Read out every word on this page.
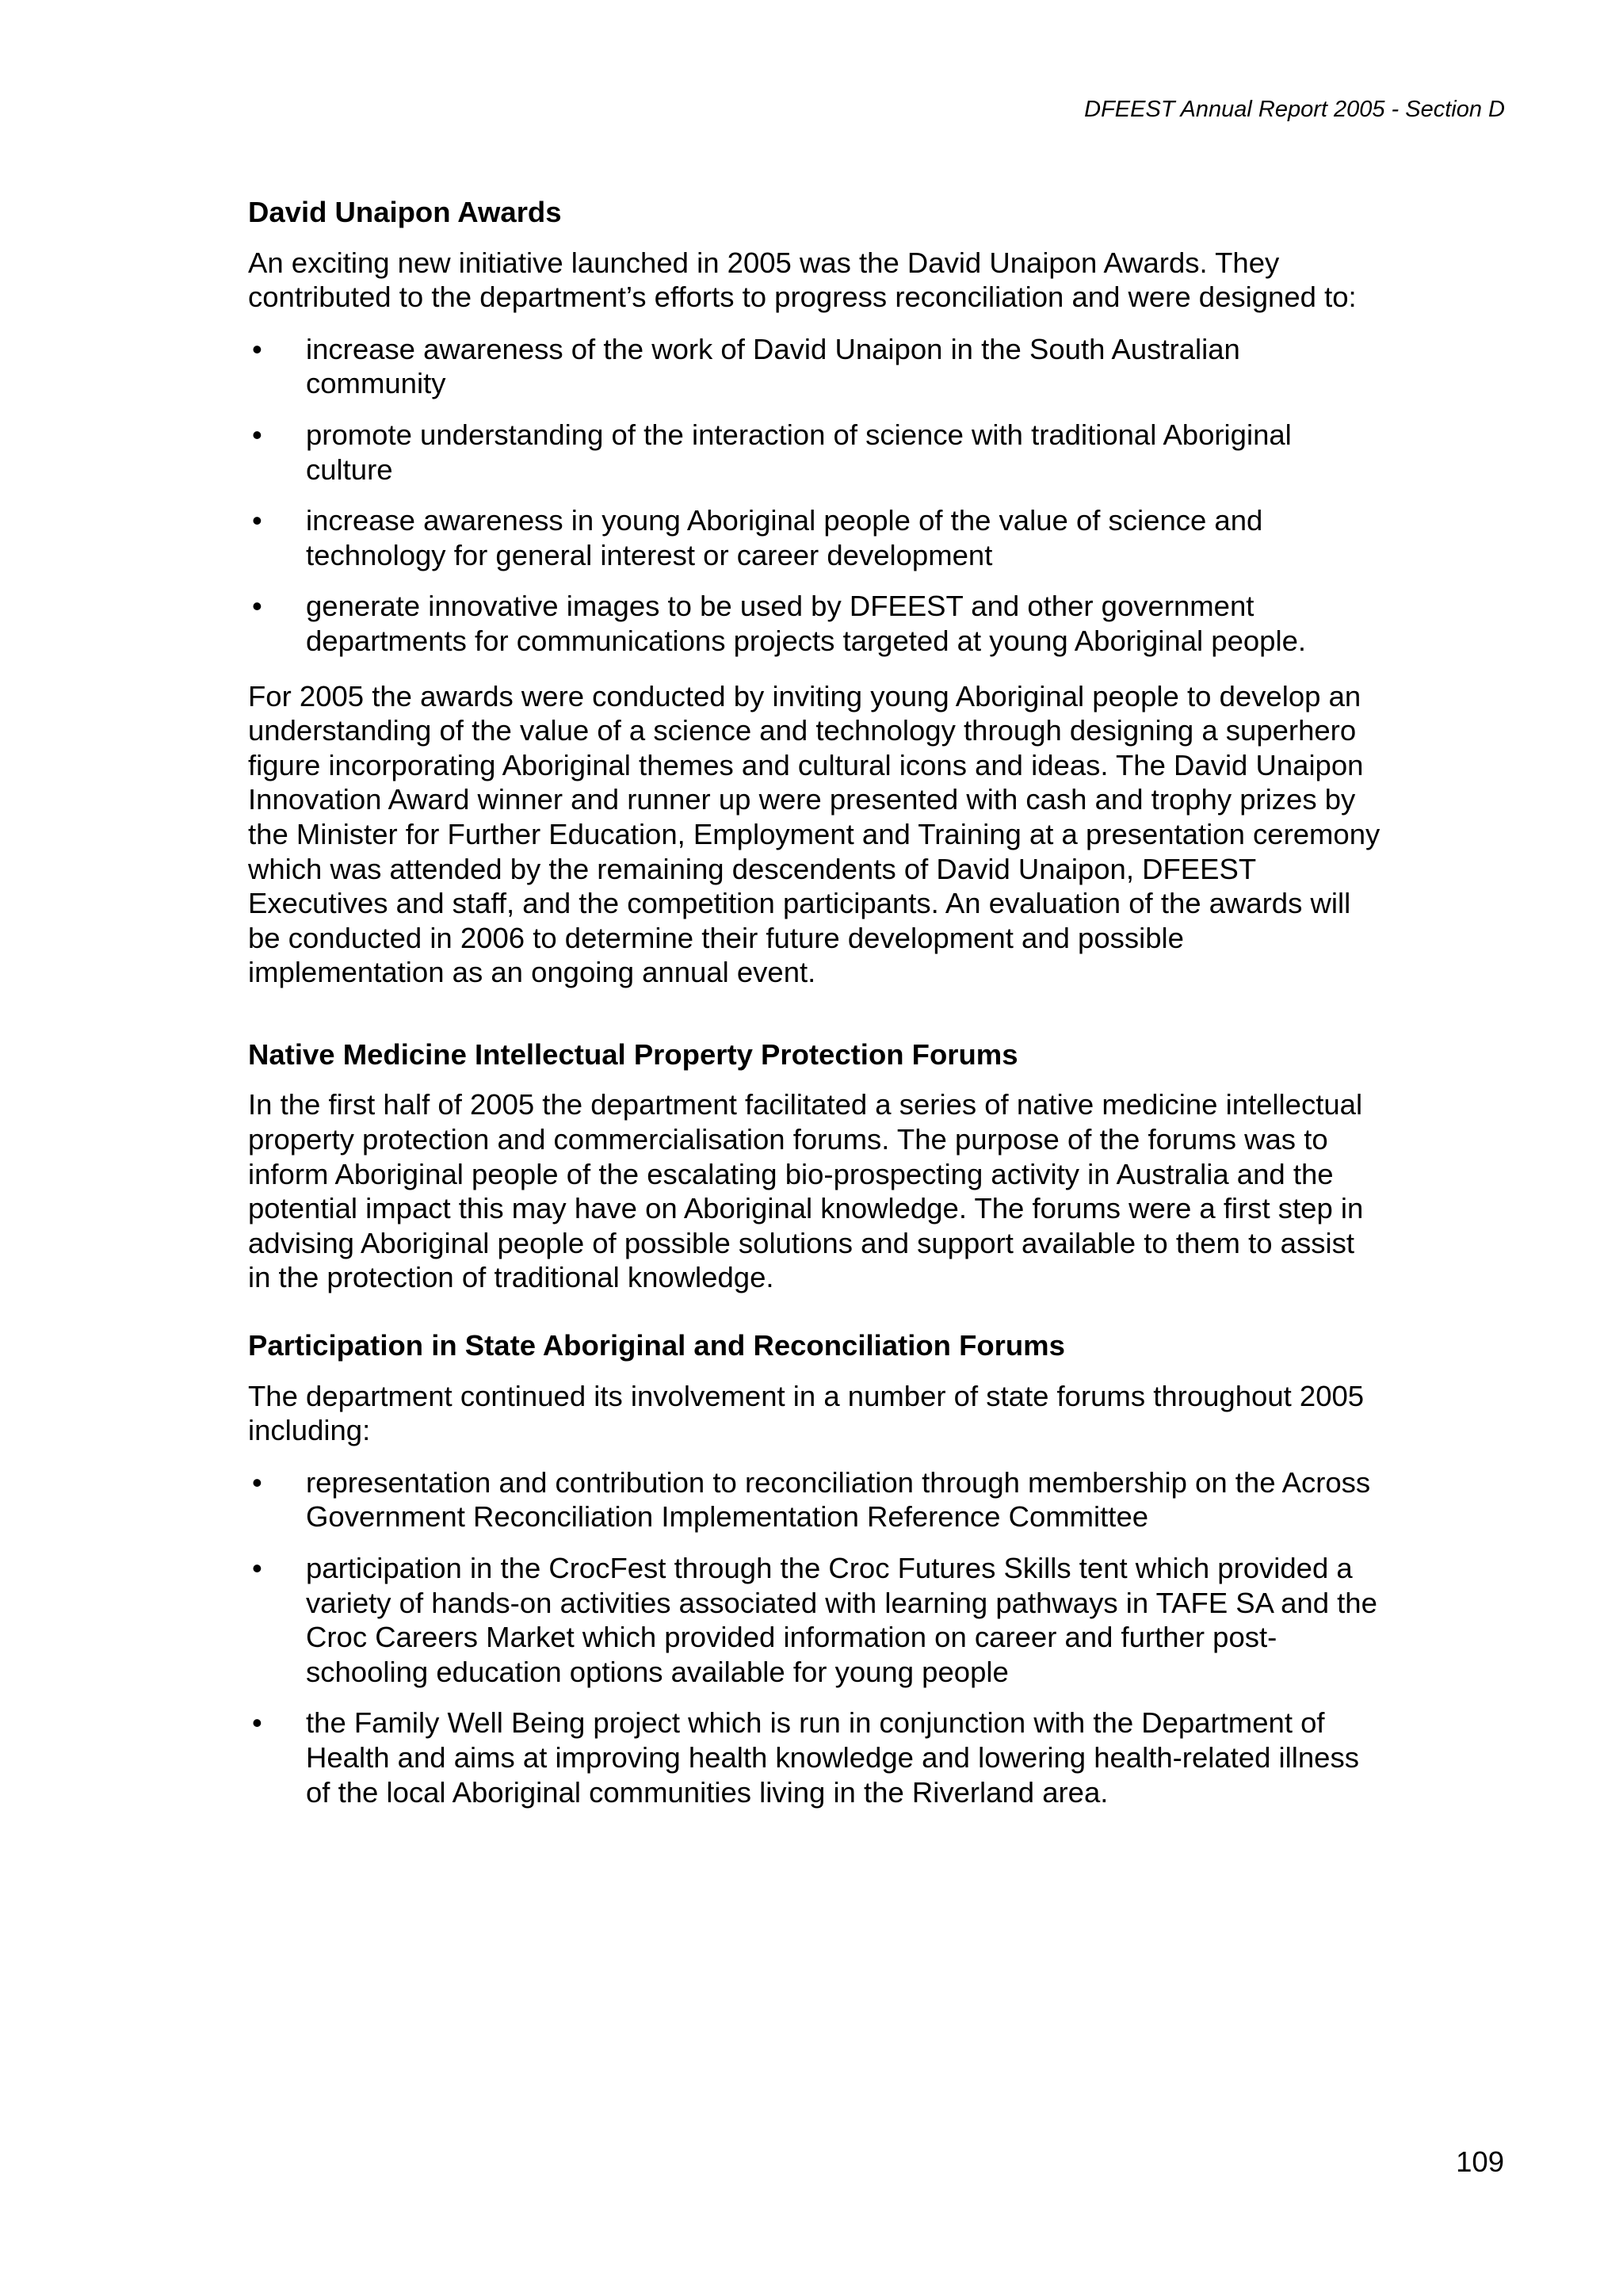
DFEEST Annual Report 2005 - Section D
David Unaipon Awards

An exciting new initiative launched in 2005 was the David Unaipon Awards. They contributed to the department’s efforts to progress reconciliation and were designed to:

• increase awareness of the work of David Unaipon in the South Australian community
• promote understanding of the interaction of science with traditional Aboriginal culture
• increase awareness in young Aboriginal people of the value of science and technology for general interest or career development
• generate innovative images to be used by DFEEST and other government departments for communications projects targeted at young Aboriginal people.

For 2005 the awards were conducted by inviting young Aboriginal people to develop an understanding of the value of a science and technology through designing a superhero figure incorporating Aboriginal themes and cultural icons and ideas. The David Unaipon Innovation Award winner and runner up were presented with cash and trophy prizes by the Minister for Further Education, Employment and Training at a presentation ceremony which was attended by the remaining descendents of David Unaipon, DFEEST Executives and staff, and the competition participants. An evaluation of the awards will be conducted in 2006 to determine their future development and possible implementation as an ongoing annual event.

Native Medicine Intellectual Property Protection Forums

In the first half of 2005 the department facilitated a series of native medicine intellectual property protection and commercialisation forums. The purpose of the forums was to inform Aboriginal people of the escalating bio-prospecting activity in Australia and the potential impact this may have on Aboriginal knowledge. The forums were a first step in advising Aboriginal people of possible solutions and support available to them to assist in the protection of traditional knowledge.

Participation in State Aboriginal and Reconciliation Forums

The department continued its involvement in a number of state forums throughout 2005 including:

• representation and contribution to reconciliation through membership on the Across Government Reconciliation Implementation Reference Committee
• participation in the CrocFest through the Croc Futures Skills tent which provided a variety of hands-on activities associated with learning pathways in TAFE SA and the Croc Careers Market which provided information on career and further post-schooling education options available for young people
• the Family Well Being project which is run in conjunction with the Department of Health and aims at improving health knowledge and lowering health-related illness of the local Aboriginal communities living in the Riverland area.
109
